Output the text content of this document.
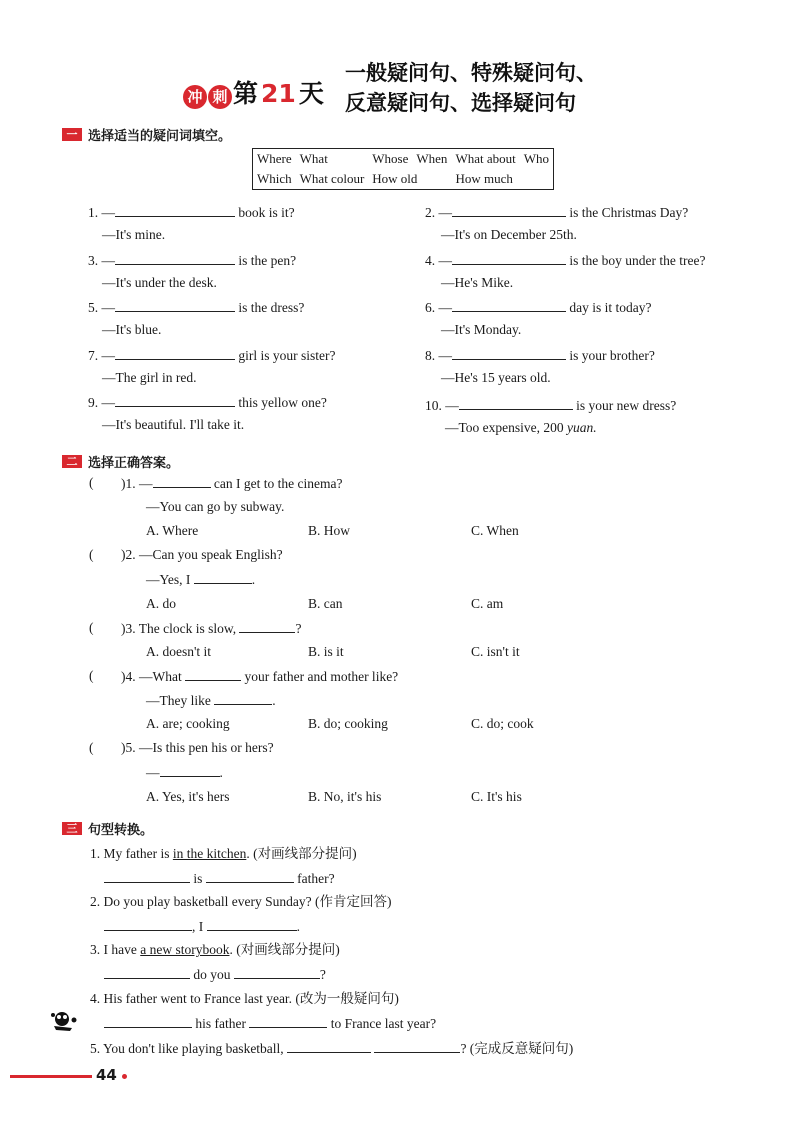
冲 刺 第 21 天
一般疑问句、特殊疑问句、
反意疑问句、选择疑问句
一 选择适当的疑问词填空。
Where	What	Whose	When	What about	Who
Which	What colour	How old		How much	
1. —	book is it?
—It's mine.
3. —	is the pen?
—It's under the desk.
5. —	is the dress?
—It's blue.
7. —	girl is your sister?
—The girl in red.
9. —	this yellow one?
—It's beautiful. I'll take it.
2. —	is the Christmas Day?
—It's on December 25th.
4. —	is the boy under the tree?
—He's Mike.
6. —	day is it today?
—It's Monday.
8. —	is your brother?
—He's 15 years old.
10. —	is your new dress?
—Too expensive, 200 yuan.
二 选择正确答案。
( )1. —	can I get to the cinema?
—You can go by subway.
A. Where	B. How	C. When
( )2. —Can you speak English?
—Yes, I	.
A. do	B. can	C. am
( )3. The clock is slow,	?
A. doesn't it	B. is it	C. isn't it
( )4. —What	your father and mother like?
—They like	.
A. are; cooking	B. do; cooking	C. do; cook
( )5. —Is this pen his or hers?
—	.
A. Yes, it's hers	B. No, it's his	C. It's his
三 句型转换。
1. My father is in the kitchen. (对画线部分提问)
is	father?
2. Do you play basketball every Sunday? (作肯定回答)
, I	.
3. I have a new storybook. (对画线部分提问)
do you	?
4. His father went to France last year. (改为一般疑问句)
his father	to France last year?
5. You don't like playing basketball,	? (完成反意疑问句)
44
